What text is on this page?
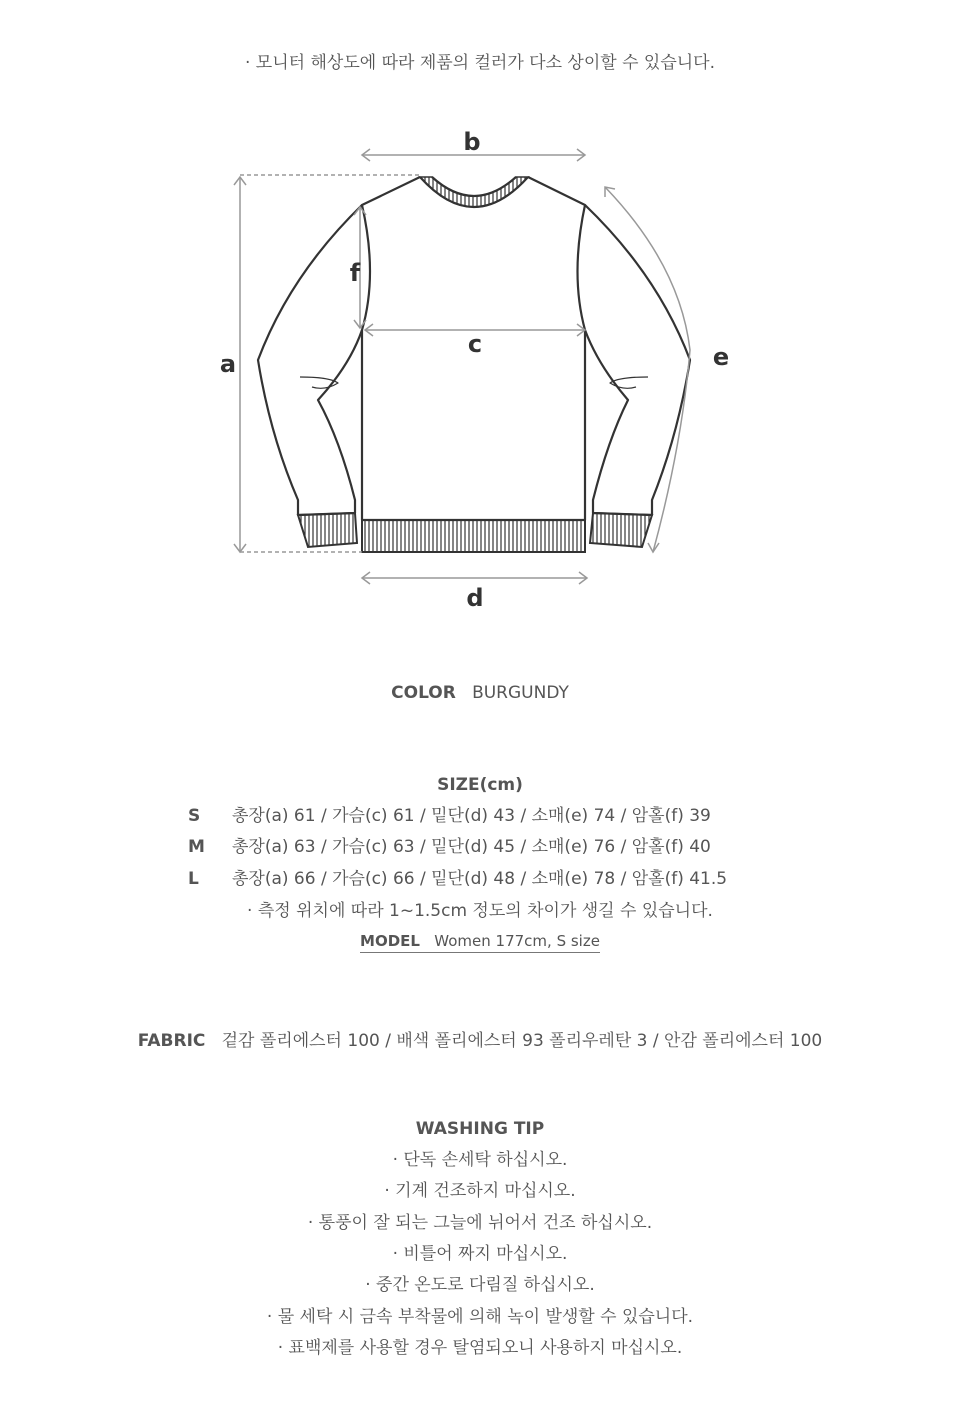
· 모니터 해상도에 따라 제품의 컬러가 다소 상이할 수 있습니다.
a
b
c
d
e
f
COLOR BURGUNDY
SIZE(cm)
S 총장(a) 61 / 가슴(c) 61 / 밑단(d) 43 / 소매(e) 74 / 암홀(f) 39
M 총장(a) 63 / 가슴(c) 63 / 밑단(d) 45 / 소매(e) 76 / 암홀(f) 40
L 총장(a) 66 / 가슴(c) 66 / 밑단(d) 48 / 소매(e) 78 / 암홀(f) 41.5
· 측정 위치에 따라 1~1.5cm 정도의 차이가 생길 수 있습니다.
MODEL Women 177cm, S size
FABRIC 겉감 폴리에스터 100 / 배색 폴리에스터 93 폴리우레탄 3 / 안감 폴리에스터 100
WASHING TIP
· 단독 손세탁 하십시오.
· 기계 건조하지 마십시오.
· 통풍이 잘 되는 그늘에 뉘어서 건조 하십시오.
· 비틀어 짜지 마십시오.
· 중간 온도로 다림질 하십시오.
· 물 세탁 시 금속 부착물에 의해 녹이 발생할 수 있습니다.
· 표백제를 사용할 경우 탈염되오니 사용하지 마십시오.
